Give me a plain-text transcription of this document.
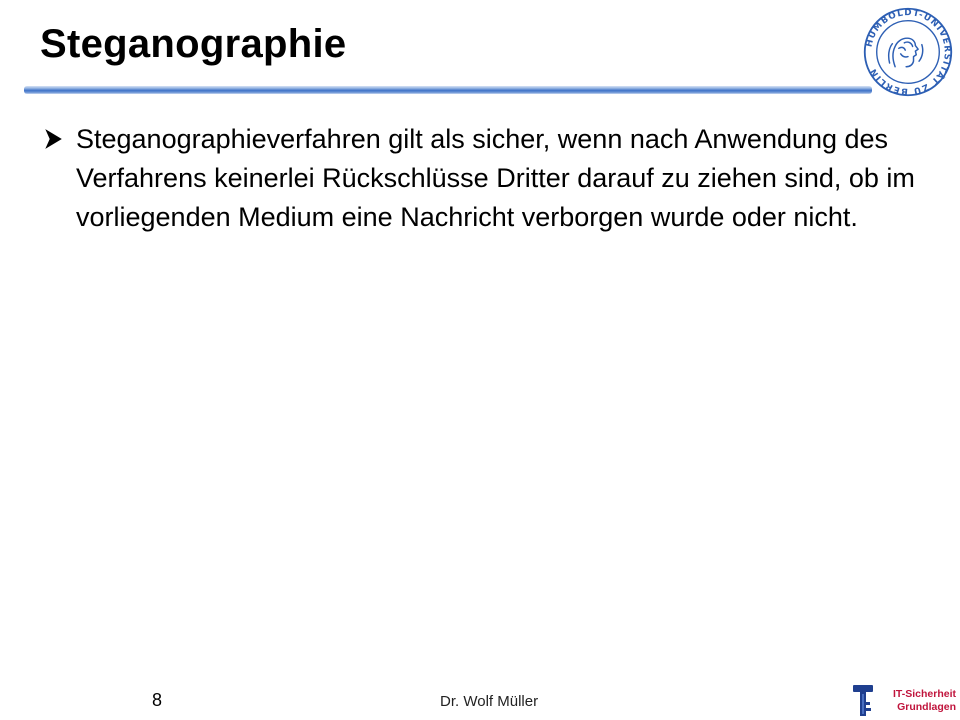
Steganographie	HUMBOLDT-UNIVERSITÄT ZU BERLIN
Steganographieverfahren gilt als sicher, wenn nach Anwendung des Verfahrens keinerlei Rückschlüsse Dritter darauf zu ziehen sind, ob im vorliegenden Medium eine Nachricht verborgen wurde oder nicht.
8	Dr. Wolf Müller	IT-Sicherheit
Grundlagen
